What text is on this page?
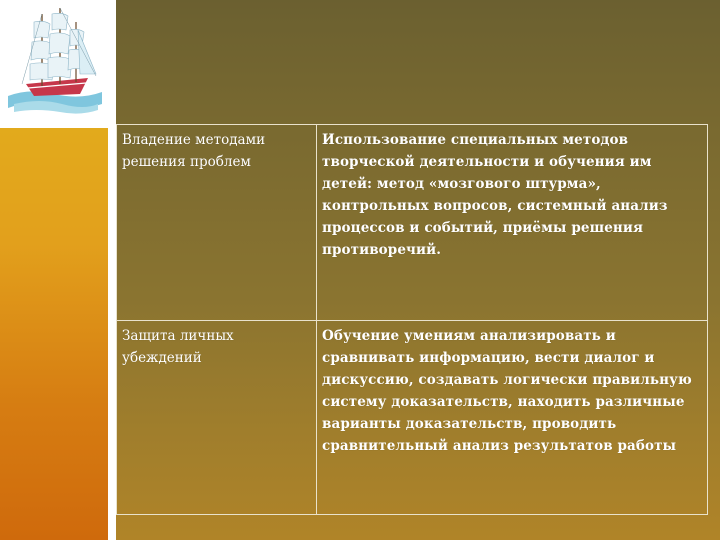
Владение методами решения проблем	Использование специальных методов творческой деятельности и обучения им детей: метод «мозгового штурма», контрольных вопросов, системный анализ процессов и событий, приёмы решения противоречий.
Защита личных убеждений	Обучение умениям анализировать и сравнивать информацию, вести диалог и дискуссию, создавать логически правильную систему доказательств, находить различные варианты доказательств, проводить сравнительный анализ результатов работы
